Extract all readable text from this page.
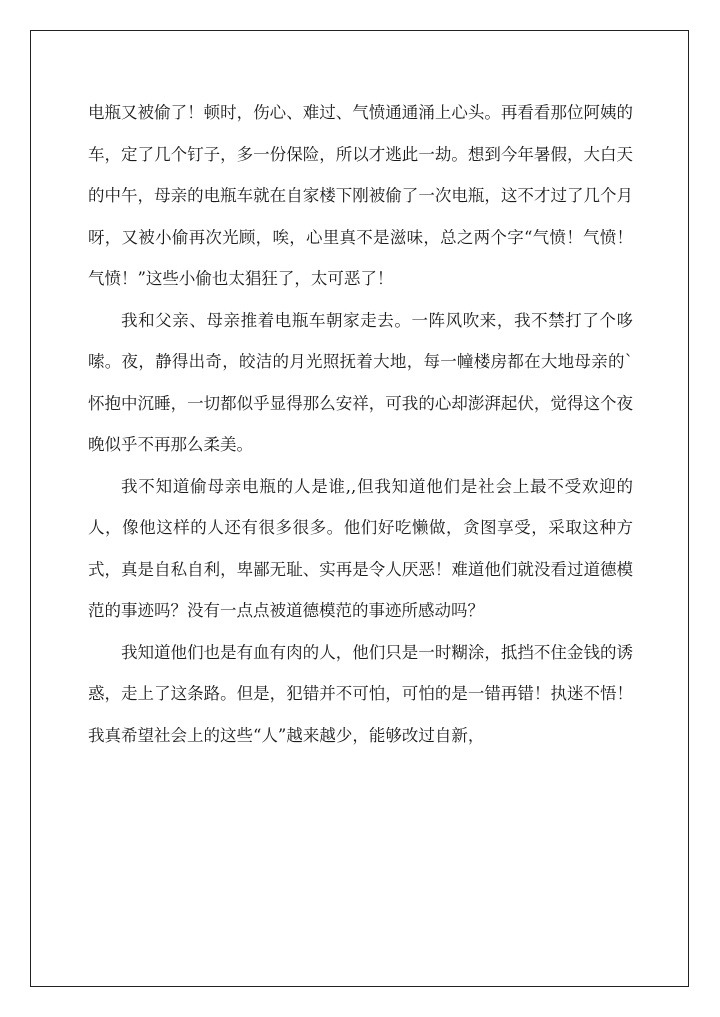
电瓶又被偷了！顿时，伤心、难过、气愤通通涌上心头。再看看那位阿姨的车，定了几个钉子，多一份保险，所以才逃此一劫。想到今年暑假，大白天的中午，母亲的电瓶车就在自家楼下刚被偷了一次电瓶，这不才过了几个月呀，又被小偷再次光顾，唉，心里真不是滋味，总之两个字“气愤！气愤！气愤！”这些小偷也太猖狂了，太可恶了！

我和父亲、母亲推着电瓶车朝家走去。一阵风吹来，我不禁打了个哆嗦。夜，静得出奇，皎洁的月光照抚着大地，每一幢楼房都在大地母亲的`怀抱中沉睡，一切都似乎显得那么安祥，可我的心却澎湃起伏，觉得这个夜晚似乎不再那么柔美。

我不知道偷母亲电瓶的人是谁,,但我知道他们是社会上最不受欢迎的人，像他这样的人还有很多很多。他们好吃懒做，贪图享受，采取这种方式，真是自私自利，卑鄙无耻、实再是令人厌恶！难道他们就没看过道德模范的事迹吗？没有一点点被道德模范的事迹所感动吗？

我知道他们也是有血有肉的人，他们只是一时糊涂，抵挡不住金钱的诱惑，走上了这条路。但是，犯错并不可怕，可怕的是一错再错！执迷不悟！我真希望社会上的这些“人”越来越少，能够改过自新，
